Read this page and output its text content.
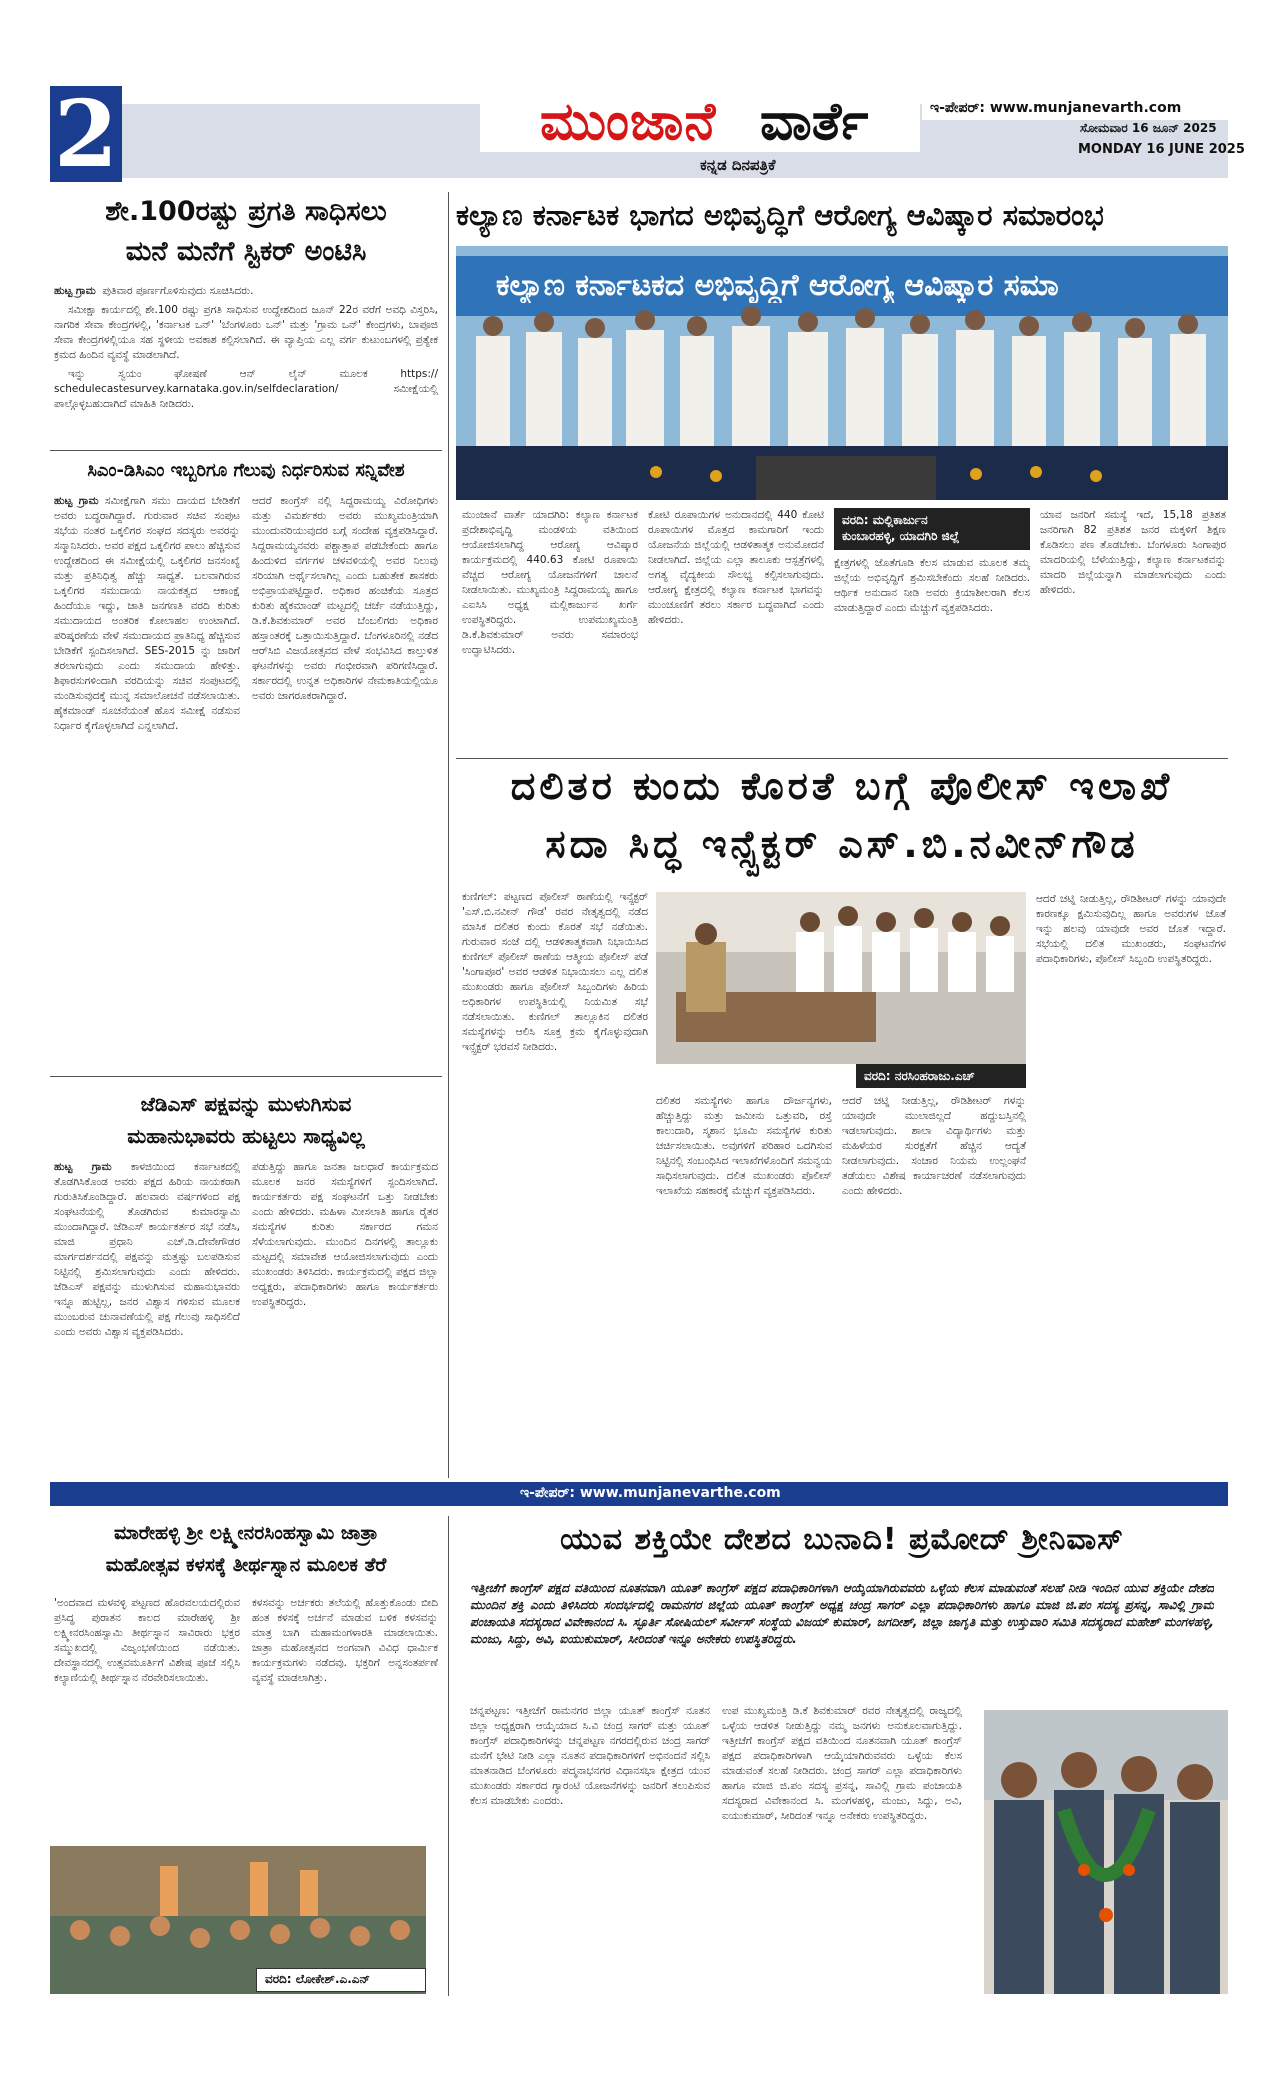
2	ಮುಂಜಾನೆ ವಾರ್ತೆ
ಕನ್ನಡ ದಿನಪತ್ರಿಕೆ
ಇ-ಪೇಪರ್: www.munjanevarth.com
ಸೋಮವಾರ 16 ಜೂನ್ 2025
MONDAY 16 JUNE 2025
ಶೇ.100ರಷ್ಟು ಪ್ರಗತಿ ಸಾಧಿಸಲು
ಮನೆ ಮನೆಗೆ ಸ್ಟಿಕರ್ ಅಂಟಿಸಿ

ಹುಟ್ಟ ಗ್ರಾಮ ಪುತಿವಾರ ಪೂರ್ಣಗೊಳಿಸುವುದು ಸೂಚಿಸಿದರು.

ಸಮೀಕ್ಷಾ ಕಾರ್ಯದಲ್ಲಿ ಶೇ.100 ರಷ್ಟು ಪ್ರಗತಿ ಸಾಧಿಸುವ ಉದ್ದೇಶದಿಂದ ಜೂನ್ 22ರ ವರೆಗೆ ಅವಧಿ ವಿಸ್ತರಿಸಿ, ನಾಗರಿಕ ಸೇವಾ ಕೇಂದ್ರಗಳಲ್ಲಿ, 'ಕರ್ನಾಟಕ ಒನ್' 'ಬೆಂಗಳೂರು ಒನ್' ಮತ್ತು 'ಗ್ರಾಮ ಒನ್' ಕೇಂದ್ರಗಳು, ಬಾಪೂಜಿ ಸೇವಾ ಕೇಂದ್ರಗಳಲ್ಲಿಯೂ ಸಹ ಸ್ಥಳೀಯ ಅವಕಾಶ ಕಲ್ಪಿಸಲಾಗಿದೆ. ಈ ವ್ಯಾಪ್ತಿಯ ಎಲ್ಲ ವರ್ಗ ಕುಟುಂಬಗಳಲ್ಲಿ ಪ್ರತ್ಯೇಕ ಕ್ರಮದ ಹಿಂದಿನ ವ್ಯವಸ್ಥೆ ಮಾಡಲಾಗಿದೆ.

ಇನ್ನು ಸ್ವಯಂ ಘೋಷಣೆ ಆನ್ ಲೈನ್ ಮೂಲಕ https:// schedulecastesurvey.karnataka.gov.in/selfdeclaration/ ಸಮೀಕ್ಷೆಯಲ್ಲಿ ಪಾಲ್ಗೊಳ್ಳಬಹುದಾಗಿದೆ ಮಾಹಿತಿ ನೀಡಿದರು.

ಸಿಎಂ-ಡಿಸಿಎಂ ಇಬ್ಬರಿಗೂ ಗೆಲುವು ನಿರ್ಧರಿಸುವ ಸನ್ನಿವೇಶ

ಹುಟ್ಟ ಗ್ರಾಮ ಸಮೀಕ್ಷೆಗಾಗಿ ಸಮು ದಾಯದ ಬೇಡಿಕೆಗೆ ಅವರು ಬದ್ಧರಾಗಿದ್ದಾರೆ. ಗುರುವಾರ ಸಚಿವ ಸಂಪುಟ ಸಭೆಯ ನಂತರ ಒಕ್ಕಲಿಗರ ಸಂಘದ ಸದಸ್ಯರು ಅವರನ್ನು ಸನ್ಮಾನಿಸಿದರು. ಅವರ ಪಕ್ಷದ ಒಕ್ಕಲಿಗರ ಪಾಲು ಹೆಚ್ಚಿಸುವ ಉದ್ದೇಶದಿಂದ ಈ ಸಮೀಕ್ಷೆಯಲ್ಲಿ ಒಕ್ಕಲಿಗರ ಜನಸಂಖ್ಯೆ ಮತ್ತು ಪ್ರತಿನಿಧಿತ್ವ ಹೆಚ್ಚು ಸಾಧ್ಯತೆ. ಬಲವಾಗಿರುವ ಒಕ್ಕಲಿಗರ ಸಮುದಾಯ ನಾಯಕತ್ವದ ಆಕಾಂಕ್ಷೆ ಹಿಂದೆಯೂ ಇದ್ದು, ಜಾತಿ ಜನಗಣತಿ ವರದಿ ಕುರಿತು ಸಮುದಾಯದ ಅಂತರಿಕ ಕೋಲಾಹಲ ಉಂಟಾಗಿದೆ. ಪರಿಷ್ಕರಣೆಯ ವೇಳೆ ಸಮುದಾಯದ ಪ್ರಾತಿನಿಧ್ಯ ಹೆಚ್ಚಿಸುವ ಬೇಡಿಕೆಗೆ ಸ್ಪಂದಿಸಲಾಗಿದೆ. SES-2015 ನ್ನು ಜಾರಿಗೆ ತರಲಾಗುವುದು ಎಂದು ಸಮುದಾಯ ಹೇಳಿತ್ತು. ಶಿಫಾರಸುಗಳಿಂದಾಗಿ ವರದಿಯನ್ನು ಸಚಿವ ಸಂಪುಟದಲ್ಲಿ ಮಂಡಿಸುವುದಕ್ಕೆ ಮುನ್ನ ಸಮಾಲೋಚನೆ ನಡೆಸಲಾಯಿತು. ಹೈಕಮಾಂಡ್ ಸೂಚನೆಯಂತೆ ಹೊಸ ಸಮೀಕ್ಷೆ ನಡೆಸುವ ನಿರ್ಧಾರ ಕೈಗೊಳ್ಳಲಾಗಿದೆ ಎನ್ನಲಾಗಿದೆ.

ಆದರೆ ಕಾಂಗ್ರೆಸ್ ನಲ್ಲಿ ಸಿದ್ದರಾಮಯ್ಯ ವಿರೋಧಿಗಳು ಮತ್ತು ವಿಮರ್ಶಕರು ಅವರು ಮುಖ್ಯಮಂತ್ರಿಯಾಗಿ ಮುಂದುವರಿಯುವುದರ ಬಗ್ಗೆ ಸಂದೇಹ ವ್ಯಕ್ತಪಡಿಸಿದ್ದಾರೆ. ಸಿದ್ದರಾಮಯ್ಯನವರು ಪಶ್ಚಾತ್ತಾಪ ಪಡಬೇಕೆಂದು ಹಾಗೂ ಹಿಂದುಳಿದ ವರ್ಗಗಳ ಚಳವಳಿಯಲ್ಲಿ ಅವರ ನಿಲುವು ಸರಿಯಾಗಿ ಅರ್ಥೈಸಲಾಗಿಲ್ಲ ಎಂದು ಬಹುತೇಕ ಶಾಸಕರು ಅಭಿಪ್ರಾಯಪಟ್ಟಿದ್ದಾರೆ. ಅಧಿಕಾರ ಹಂಚಿಕೆಯ ಸೂತ್ರದ ಕುರಿತು ಹೈಕಮಾಂಡ್ ಮಟ್ಟದಲ್ಲಿ ಚರ್ಚೆ ನಡೆಯುತ್ತಿದ್ದು, ಡಿ.ಕೆ.ಶಿವಕುಮಾರ್ ಅವರ ಬೆಂಬಲಿಗರು ಅಧಿಕಾರ ಹಸ್ತಾಂತರಕ್ಕೆ ಒತ್ತಾಯಿಸುತ್ತಿದ್ದಾರೆ. ಬೆಂಗಳೂರಿನಲ್ಲಿ ನಡೆದ ಆರ್‌ಸಿಬಿ ವಿಜಯೋತ್ಸವದ ವೇಳೆ ಸಂಭವಿಸಿದ ಕಾಲ್ತುಳಿತ ಘಟನೆಗಳನ್ನು ಅವರು ಗಂಭೀರವಾಗಿ ಪರಿಗಣಿಸಿದ್ದಾರೆ. ಸರ್ಕಾರದಲ್ಲಿ ಉನ್ನತ ಅಧಿಕಾರಿಗಳ ನೇಮಕಾತಿಯಲ್ಲಿಯೂ ಅವರು ಜಾಗರೂಕರಾಗಿದ್ದಾರೆ.

ಜೆಡಿಎಸ್ ಪಕ್ಷವನ್ನು ಮುಳುಗಿಸುವ
ಮಹಾನುಭಾವರು ಹುಟ್ಟಲು ಸಾಧ್ಯವಿಲ್ಲ

ಹುಟ್ಟ ಗ್ರಾಮ ಕಾಳಜಿಯಿಂದ ಕರ್ನಾಟಕದಲ್ಲಿ ತೊಡಗಿಸಿಕೊಂಡ ಅವರು ಪಕ್ಷದ ಹಿರಿಯ ನಾಯಕರಾಗಿ ಗುರುತಿಸಿಕೊಂಡಿದ್ದಾರೆ. ಹಲವಾರು ವರ್ಷಗಳಿಂದ ಪಕ್ಷ ಸಂಘಟನೆಯಲ್ಲಿ ತೊಡಗಿರುವ ಕುಮಾರಸ್ವಾಮಿ ಮುಂದಾಗಿದ್ದಾರೆ. ಜೆಡಿಎಸ್ ಕಾರ್ಯಕರ್ತರ ಸಭೆ ನಡೆಸಿ, ಮಾಜಿ ಪ್ರಧಾನಿ ಎಚ್.ಡಿ.ದೇವೇಗೌಡರ ಮಾರ್ಗದರ್ಶನದಲ್ಲಿ ಪಕ್ಷವನ್ನು ಮತ್ತಷ್ಟು ಬಲಪಡಿಸುವ ನಿಟ್ಟಿನಲ್ಲಿ ಶ್ರಮಿಸಲಾಗುವುದು ಎಂದು ಹೇಳಿದರು. ಜೆಡಿಎಸ್ ಪಕ್ಷವನ್ನು ಮುಳುಗಿಸುವ ಮಹಾನುಭಾವರು ಇನ್ನೂ ಹುಟ್ಟಿಲ್ಲ, ಜನರ ವಿಶ್ವಾಸ ಗಳಿಸುವ ಮೂಲಕ ಮುಂಬರುವ ಚುನಾವಣೆಯಲ್ಲಿ ಪಕ್ಷ ಗೆಲುವು ಸಾಧಿಸಲಿದೆ ಎಂದು ಅವರು ವಿಶ್ವಾಸ ವ್ಯಕ್ತಪಡಿಸಿದರು.

ಪಡುತ್ತಿದ್ದು ಹಾಗೂ ಜನತಾ ಜಲಧಾರೆ ಕಾರ್ಯಕ್ರಮದ ಮೂಲಕ ಜನರ ಸಮಸ್ಯೆಗಳಿಗೆ ಸ್ಪಂದಿಸಲಾಗಿದೆ. ಕಾರ್ಯಕರ್ತರು ಪಕ್ಷ ಸಂಘಟನೆಗೆ ಒತ್ತು ನೀಡಬೇಕು ಎಂದು ಹೇಳಿದರು. ಮಹಿಳಾ ಮೀಸಲಾತಿ ಹಾಗೂ ರೈತರ ಸಮಸ್ಯೆಗಳ ಕುರಿತು ಸರ್ಕಾರದ ಗಮನ ಸೆಳೆಯಲಾಗುವುದು. ಮುಂದಿನ ದಿನಗಳಲ್ಲಿ ತಾಲ್ಲೂಕು ಮಟ್ಟದಲ್ಲಿ ಸಮಾವೇಶ ಆಯೋಜಿಸಲಾಗುವುದು ಎಂದು ಮುಖಂಡರು ತಿಳಿಸಿದರು. ಕಾರ್ಯಕ್ರಮದಲ್ಲಿ ಪಕ್ಷದ ಜಿಲ್ಲಾ ಅಧ್ಯಕ್ಷರು, ಪದಾಧಿಕಾರಿಗಳು ಹಾಗೂ ಕಾರ್ಯಕರ್ತರು ಉಪಸ್ಥಿತರಿದ್ದರು.

ಕಲ್ಯಾಣ ಕರ್ನಾಟಕ ಭಾಗದ ಅಭಿವೃದ್ಧಿಗೆ ಆರೋಗ್ಯ ಆವಿಷ್ಕಾರ ಸಮಾರಂಭ
ಕಲ್ಯಾಣ ಕರ್ನಾಟಕದ ಅಭಿವೃದ್ಧಿಗೆ ಆರೋಗ್ಯ ಆವಿಷ್ಕಾರ ಸಮಾ

ಮುಂಜಾನೆ ವಾರ್ತೆ ಯಾದಗಿರಿ: ಕಲ್ಯಾಣ ಕರ್ನಾಟಕ ಪ್ರದೇಶಾಭಿವೃದ್ಧಿ ಮಂಡಳಿಯ ವತಿಯಿಂದ ಆಯೋಜಿಸಲಾಗಿದ್ದ ಆರೋಗ್ಯ ಆವಿಷ್ಕಾರ ಕಾರ್ಯಕ್ರಮದಲ್ಲಿ 440.63 ಕೋಟಿ ರೂಪಾಯಿ ವೆಚ್ಚದ ಆರೋಗ್ಯ ಯೋಜನೆಗಳಿಗೆ ಚಾಲನೆ ನೀಡಲಾಯಿತು. ಮುಖ್ಯಮಂತ್ರಿ ಸಿದ್ದರಾಮಯ್ಯ ಹಾಗೂ ಎಐಸಿಸಿ ಅಧ್ಯಕ್ಷ ಮಲ್ಲಿಕಾರ್ಜುನ ಖರ್ಗೆ ಉಪಸ್ಥಿತರಿದ್ದರು. ಉಪಮುಖ್ಯಮಂತ್ರಿ ಡಿ.ಕೆ.ಶಿವಕುಮಾರ್ ಅವರು ಸಮಾರಂಭ ಉದ್ಘಾಟಿಸಿದರು.

ಕೋಟಿ ರೂಪಾಯಿಗಳ ಅನುದಾನದಲ್ಲಿ 440 ಕೋಟಿ ರೂಪಾಯಿಗಳ ಮೊತ್ತದ ಕಾಮಗಾರಿಗೆ ಇಂದು ಯೋಜನೆಯ ಜಿಲ್ಲೆಯಲ್ಲಿ ಆಡಳಿತಾತ್ಮಕ ಅನುಮೋದನೆ ನೀಡಲಾಗಿದೆ. ಜಿಲ್ಲೆಯ ಎಲ್ಲಾ ತಾಲೂಕು ಆಸ್ಪತ್ರೆಗಳಲ್ಲಿ ಅಗತ್ಯ ವೈದ್ಯಕೀಯ ಸೌಲಭ್ಯ ಕಲ್ಪಿಸಲಾಗುವುದು. ಆರೋಗ್ಯ ಕ್ಷೇತ್ರದಲ್ಲಿ ಕಲ್ಯಾಣ ಕರ್ನಾಟಕ ಭಾಗವನ್ನು ಮುಂಚೂಣಿಗೆ ತರಲು ಸರ್ಕಾರ ಬದ್ಧವಾಗಿದೆ ಎಂದು ಹೇಳಿದರು.

ವರದಿ: ಮಲ್ಲಿಕಾರ್ಜುನ
ಕುಂಬಾರಹಳ್ಳಿ, ಯಾದಗಿರಿ ಜಿಲ್ಲೆ

ಕ್ಷೇತ್ರಗಳಲ್ಲಿ ಜೊತೆಗೂಡಿ ಕೆಲಸ ಮಾಡುವ ಮೂಲಕ ತಮ್ಮ ಜಿಲ್ಲೆಯ ಅಭಿವೃದ್ಧಿಗೆ ಶ್ರಮಿಸಬೇಕೆಂದು ಸಲಹೆ ನೀಡಿದರು. ಆರ್ಥಿಕ ಅನುದಾನ ನೀಡಿ ಅವರು ಕ್ರಿಯಾಶೀಲರಾಗಿ ಕೆಲಸ ಮಾಡುತ್ತಿದ್ದಾರೆ ಎಂದು ಮೆಚ್ಚುಗೆ ವ್ಯಕ್ತಪಡಿಸಿದರು.

ಯಾವ ಜನರಿಗೆ ಸಮಸ್ಯೆ ಇದೆ, 15,18 ಪ್ರತಿಶತ ಜನರಿಗಾಗಿ 82 ಪ್ರತಿಶತ ಜನರ ಮಕ್ಕಳಿಗೆ ಶಿಕ್ಷಣ ಕೊಡಿಸಲು ಪಣ ತೊಡಬೇಕು. ಬೆಂಗಳೂರು ಸಿಂಗಾಪುರ ಮಾದರಿಯಲ್ಲಿ ಬೆಳೆಯುತ್ತಿದ್ದು, ಕಲ್ಯಾಣ ಕರ್ನಾಟಕವನ್ನು ಮಾದರಿ ಜಿಲ್ಲೆಯನ್ನಾಗಿ ಮಾಡಲಾಗುವುದು ಎಂದು ಹೇಳಿದರು.

ದಲಿತರ ಕುಂದು ಕೊರತೆ ಬಗ್ಗೆ ಪೊಲೀಸ್ ಇಲಾಖೆ
ಸದಾ ಸಿದ್ಧ ಇನ್ಸ್ಪೆಕ್ಟರ್ ಎಸ್.ಬಿ.ನವೀನ್‌ಗೌಡ

ಕುಣಿಗಲ್: ಪಟ್ಟಣದ ಪೊಲೀಸ್ ಠಾಣೆಯಲ್ಲಿ ಇನ್ಸ್ಪೆಕ್ಟರ್ 'ಎಸ್.ಬಿ.ನವೀನ್ ಗೌಡ' ರವರ ನೇತೃತ್ವದಲ್ಲಿ ನಡೆದ ಮಾಸಿಕ ದಲಿತರ ಕುಂದು ಕೊರತೆ ಸಭೆ ನಡೆಯಿತು. ಗುರುವಾರ ಸಂಜೆ ದಲ್ಲಿ ಆಡಳಿತಾತ್ಮಕವಾಗಿ ನಿಭಾಯಿಸಿದ ಕುಣಿಗಲ್ ಪೊಲೀಸ್ ಠಾಣೆಯ ಆತ್ಮೀಯ ಪೊಲೀಸ್ ಪಡೆ 'ಸಿಂಗಾಪೂರ' ಅವರ ಆಡಳಿತ ನಿಭಾಯಿಸಲು ಎಲ್ಲ ದಲಿತ ಮುಖಂಡರು ಹಾಗೂ ಪೊಲೀಸ್ ಸಿಬ್ಬಂದಿಗಳು ಹಿರಿಯ ಅಧಿಕಾರಿಗಳ ಉಪಸ್ಥಿತಿಯಲ್ಲಿ ನಿಯಮಿತ ಸಭೆ ನಡೆಸಲಾಯಿತು. ಕುಣಿಗಲ್ ತಾಲ್ಲೂಕಿನ ದಲಿತರ ಸಮಸ್ಯೆಗಳನ್ನು ಆಲಿಸಿ ಸೂಕ್ತ ಕ್ರಮ ಕೈಗೊಳ್ಳುವುದಾಗಿ ಇನ್ಸ್ಪೆಕ್ಟರ್ ಭರವಸೆ ನೀಡಿದರು.

ವರದಿ: ನರಸಿಂಹರಾಜು.ಎಚ್

ದಲಿತರ ಸಮಸ್ಯೆಗಳು ಹಾಗೂ ದೌರ್ಜನ್ಯಗಳು, ಹೆಚ್ಚುತ್ತಿದ್ದು ಮತ್ತು ಜಮೀನು ಒತ್ತುವರಿ, ರಸ್ತೆ ಕಾಲುದಾರಿ, ಸ್ಮಶಾನ ಭೂಮಿ ಸಮಸ್ಯೆಗಳ ಕುರಿತು ಚರ್ಚಿಸಲಾಯಿತು. ಅವುಗಳಿಗೆ ಪರಿಹಾರ ಒದಗಿಸುವ ನಿಟ್ಟಿನಲ್ಲಿ ಸಂಬಂಧಿಸಿದ ಇಲಾಖೆಗಳೊಂದಿಗೆ ಸಮನ್ವಯ ಸಾಧಿಸಲಾಗುವುದು. ದಲಿತ ಮುಖಂಡರು ಪೊಲೀಸ್ ಇಲಾಖೆಯ ಸಹಕಾರಕ್ಕೆ ಮೆಚ್ಚುಗೆ ವ್ಯಕ್ತಪಡಿಸಿದರು.

ಆದರೆ ಚಟ್ನಿ ನೀಡುತ್ತಿಲ್ಲ, ರೌಡಿಶೀಟರ್ ಗಳನ್ನು ಯಾವುದೇ ಮುಲಾಜಿಲ್ಲದೆ ಹದ್ದುಬಸ್ತಿನಲ್ಲಿ ಇಡಲಾಗುವುದು. ಶಾಲಾ ವಿದ್ಯಾರ್ಥಿಗಳು ಮತ್ತು ಮಹಿಳೆಯರ ಸುರಕ್ಷತೆಗೆ ಹೆಚ್ಚಿನ ಆದ್ಯತೆ ನೀಡಲಾಗುವುದು. ಸಂಚಾರ ನಿಯಮ ಉಲ್ಲಂಘನೆ ತಡೆಯಲು ವಿಶೇಷ ಕಾರ್ಯಾಚರಣೆ ನಡೆಸಲಾಗುವುದು ಎಂದು ಹೇಳಿದರು.

ಆದರೆ ಚಟ್ನಿ ನೀಡುತ್ತಿಲ್ಲ, ರೌಡಿಶೀಟರ್ ಗಳನ್ನು ಯಾವುದೇ ಕಾರಣಕ್ಕೂ ಕ್ಷಮಿಸುವುದಿಲ್ಲ ಹಾಗೂ ಅವರುಗಳ ಜೊತೆ ಇನ್ನು ಹಲವು ಯಾವುದೇ ಅವರ ಜೊತೆ ಇದ್ದಾರೆ. ಸಭೆಯಲ್ಲಿ ದಲಿತ ಮುಖಂಡರು, ಸಂಘಟನೆಗಳ ಪದಾಧಿಕಾರಿಗಳು, ಪೊಲೀಸ್ ಸಿಬ್ಬಂದಿ ಉಪಸ್ಥಿತರಿದ್ದರು.

ಇ-ಪೇಪರ್: www.munjanevarthe.com
ಮಾರೇಹಳ್ಳಿ ಶ್ರೀ ಲಕ್ಷ್ಮೀನರಸಿಂಹಸ್ವಾಮಿ ಜಾತ್ರಾ
ಮಹೋತ್ಸವ ಕಳಸಕ್ಕೆ ತೀರ್ಥಸ್ನಾನ ಮೂಲಕ ತೆರೆ

'ಅಂದವಾದ ಮಳವಳ್ಳಿ ಪಟ್ಟಣದ ಹೊರವಲಯದಲ್ಲಿರುವ ಪ್ರಸಿದ್ಧ ಪುರಾತನ ಕಾಲದ ಮಾರೇಹಳ್ಳಿ ಶ್ರೀ ಲಕ್ಷ್ಮೀನರಸಿಂಹಸ್ವಾಮಿ ತೀರ್ಥಸ್ನಾನ ಸಾವಿರಾರು ಭಕ್ತರ ಸಮ್ಮುಖದಲ್ಲಿ ವಿಜೃಂಭಣೆಯಿಂದ ನಡೆಯಿತು. ದೇವಸ್ಥಾನದಲ್ಲಿ ಉತ್ಸವಮೂರ್ತಿಗೆ ವಿಶೇಷ ಪೂಜೆ ಸಲ್ಲಿಸಿ ಕಲ್ಯಾಣಿಯಲ್ಲಿ ತೀರ್ಥಸ್ನಾನ ನೆರವೇರಿಸಲಾಯಿತು.

ಕಳಸವನ್ನು ಅರ್ಚಕರು ತಲೆಯಲ್ಲಿ ಹೊತ್ತುಕೊಂಡು ಬೀದಿ ಹಂತ ಕಳಸಕ್ಕೆ ಅರ್ಚನೆ ಮಾಡುವ ಬಳಿಕ ಕಳಸವನ್ನು ಮಾತ್ರ ಬಾಗಿ ಮಹಾಮಂಗಳಾರತಿ ಮಾಡಲಾಯಿತು. ಜಾತ್ರಾ ಮಹೋತ್ಸವದ ಅಂಗವಾಗಿ ವಿವಿಧ ಧಾರ್ಮಿಕ ಕಾರ್ಯಕ್ರಮಗಳು ನಡೆದವು. ಭಕ್ತರಿಗೆ ಅನ್ನಸಂತರ್ಪಣೆ ವ್ಯವಸ್ಥೆ ಮಾಡಲಾಗಿತ್ತು.

ವರದಿ: ಲೋಕೇಶ್.ಎ.ಎನ್
ಯುವ ಶಕ್ತಿಯೇ ದೇಶದ ಬುನಾದಿ! ಪ್ರಮೋದ್ ಶ್ರೀನಿವಾಸ್

ಇತ್ತೀಚೆಗೆ ಕಾಂಗ್ರೆಸ್ ಪಕ್ಷದ ವತಿಯಿಂದ ನೂತನವಾಗಿ ಯೂತ್ ಕಾಂಗ್ರೆಸ್ ಪಕ್ಷದ ಪದಾಧಿಕಾರಿಗಳಾಗಿ ಆಯ್ಕೆಯಾಗಿರುವವರು ಒಳ್ಳೆಯ ಕೆಲಸ ಮಾಡುವಂತೆ ಸಲಹೆ ನೀಡಿ ಇಂದಿನ ಯುವ ಶಕ್ತಿಯೇ ದೇಶದ ಮುಂದಿನ ಶಕ್ತಿ ಎಂದು ತಿಳಿಸಿದರು ಸಂದರ್ಭದಲ್ಲಿ ರಾಮನಗರ ಜಿಲ್ಲೆಯ ಯೂತ್ ಕಾಂಗ್ರೆಸ್ ಅಧ್ಯಕ್ಷ ಚಂದ್ರ ಸಾಗರ್ ಎಲ್ಲಾ ಪದಾಧಿಕಾರಿಗಳು ಹಾಗೂ ಮಾಜಿ ಜಿ.ಪಂ ಸದಸ್ಯ ಪ್ರಸನ್ನ, ಸಾವಿಲ್ಲಿ ಗ್ರಾಮ ಪಂಚಾಯತಿ ಸದಸ್ಯರಾದ ವಿವೇಕಾನಂದ ಸಿ. ಸ್ಫೂರ್ತಿ ಸೋಷಿಯಲ್ ಸರ್ವೀಸ್ ಸಂಸ್ಥೆಯ ವಿಜಯ್ ಕುಮಾರ್, ಜಗದೀಶ್, ಜಿಲ್ಲಾ ಜಾಗೃತಿ ಮತ್ತು ಉಸ್ತುವಾರಿ ಸಮಿತಿ ಸದಸ್ಯರಾದ ಮಹೇಶ್ ಮಂಗಳಹಳ್ಳಿ, ಮಂಜು, ಸಿದ್ದು, ಅವಿ, ಐಯುಕುಮಾರ್, ಸೀರಿದಂತೆ ಇನ್ನೂ ಅನೇಕರು ಉಪಸ್ಥಿತರಿದ್ದರು.

ಚನ್ನಪಟ್ಟಣ: ಇತ್ತೀಚೆಗೆ ರಾಮನಗರ ಜಿಲ್ಲಾ ಯೂತ್ ಕಾಂಗ್ರೆಸ್ ನೂತನ ಜಿಲ್ಲಾ ಅಧ್ಯಕ್ಷರಾಗಿ ಆಯ್ಕೆಯಾದ ಸಿ.ವಿ ಚಂದ್ರ ಸಾಗರ್ ಮತ್ತು ಯೂತ್ ಕಾಂಗ್ರೆಸ್ ಪದಾಧಿಕಾರಿಗಳನ್ನು ಚನ್ನಪಟ್ಟಣ ನಗರದಲ್ಲಿರುವ ಚಂದ್ರ ಸಾಗರ್ ಮನೆಗೆ ಭೇಟಿ ನೀಡಿ ಎಲ್ಲಾ ನೂತನ ಪದಾಧಿಕಾರಿಗಳಿಗೆ ಅಭಿನಂದನೆ ಸಲ್ಲಿಸಿ ಮಾತನಾಡಿದ ಬೆಂಗಳೂರು ಪದ್ಮನಾಭನಗರ ವಿಧಾನಸಭಾ ಕ್ಷೇತ್ರದ ಯುವ ಮುಖಂಡರು ಸರ್ಕಾರದ ಗ್ಯಾರಂಟಿ ಯೋಜನೆಗಳನ್ನು ಜನರಿಗೆ ತಲುಪಿಸುವ ಕೆಲಸ ಮಾಡಬೇಕು ಎಂದರು.

ಉಪ ಮುಖ್ಯಮಂತ್ರಿ ಡಿ.ಕೆ ಶಿವಕುಮಾರ್ ರವರ ನೇತೃತ್ವದಲ್ಲಿ ರಾಜ್ಯದಲ್ಲಿ ಒಳ್ಳೆಯ ಆಡಳಿತ ನೀಡುತ್ತಿದ್ದು ನಮ್ಮ ಜನಗಳು ಅನುಕೂಲವಾಗುತ್ತಿದ್ದು. ಇತ್ತೀಚೆಗೆ ಕಾಂಗ್ರೆಸ್ ಪಕ್ಷದ ವತಿಯಿಂದ ನೂತನವಾಗಿ ಯೂತ್ ಕಾಂಗ್ರೆಸ್ ಪಕ್ಷದ ಪದಾಧಿಕಾರಿಗಳಾಗಿ ಆಯ್ಕೆಯಾಗಿರುವವರು ಒಳ್ಳೆಯ ಕೆಲಸ ಮಾಡುವಂತೆ ಸಲಹೆ ನೀಡಿದರು. ಚಂದ್ರ ಸಾಗರ್ ಎಲ್ಲಾ ಪದಾಧಿಕಾರಿಗಳು ಹಾಗೂ ಮಾಜಿ ಜಿ.ಪಂ ಸದಸ್ಯ ಪ್ರಸನ್ನ, ಸಾವಿಲ್ಲಿ ಗ್ರಾಮ ಪಂಚಾಯತಿ ಸದಸ್ಯರಾದ ವಿವೇಕಾನಂದ ಸಿ. ಮಂಗಳಹಳ್ಳಿ, ಮಂಜು, ಸಿದ್ದು, ಅವಿ, ಐಯುಕುಮಾರ್, ಸೀರಿದಂತೆ ಇನ್ನೂ ಅನೇಕರು ಉಪಸ್ಥಿತರಿದ್ದರು.
